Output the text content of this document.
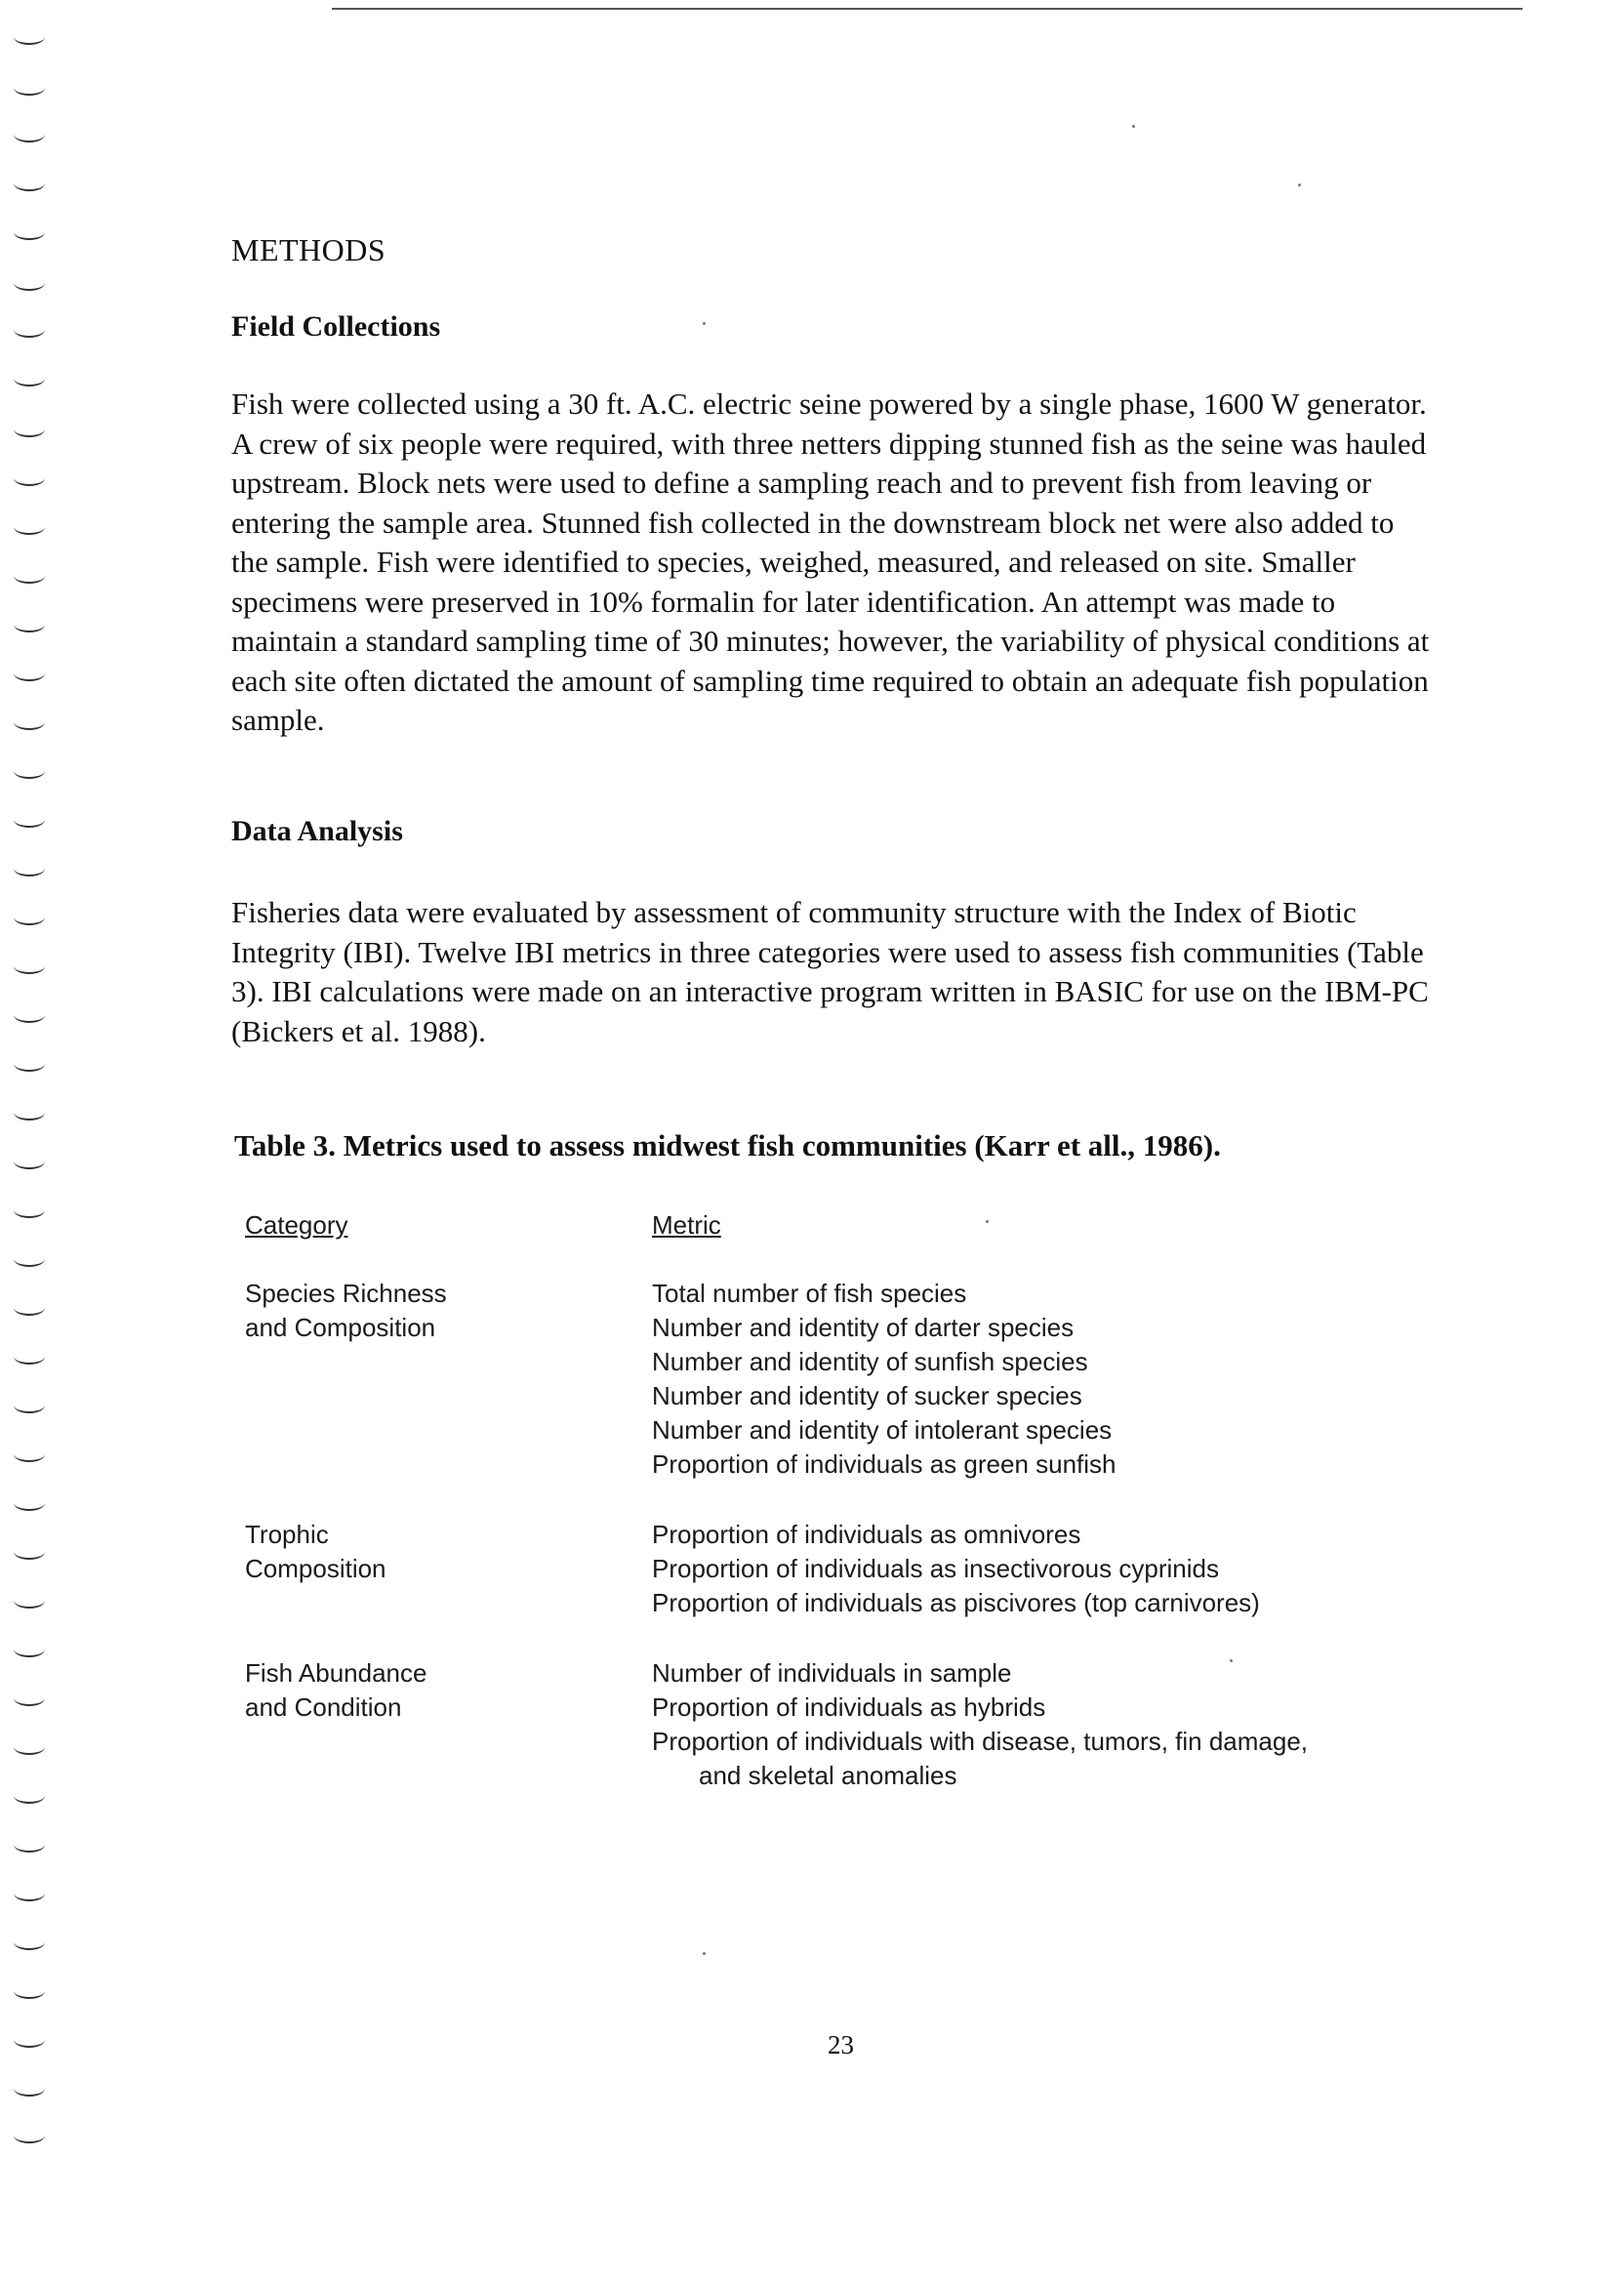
METHODS
Field Collections

Fish were collected using a 30 ft. A.C. electric seine powered by a single phase, 1600 W generator. A crew of six people were required, with three netters dipping stunned fish as the seine was hauled upstream. Block nets were used to define a sampling reach and to prevent fish from leaving or entering the sample area. Stunned fish collected in the downstream block net were also added to the sample. Fish were identified to species, weighed, measured, and released on site. Smaller specimens were preserved in 10% formalin for later identification. An attempt was made to maintain a standard sampling time of 30 minutes; however, the variability of physical conditions at each site often dictated the amount of sampling time required to obtain an adequate fish population sample.

Data Analysis

Fisheries data were evaluated by assessment of community structure with the Index of Biotic Integrity (IBI). Twelve IBI metrics in three categories were used to assess fish communities (Table 3). IBI calculations were made on an interactive program written in BASIC for use on the IBM-PC (Bickers et al. 1988).

Table 3. Metrics used to assess midwest fish communities (Karr et all., 1986).

Category	Metric
Species Richness
and Composition
Total number of fish species
Number and identity of darter species
Number and identity of sunfish species
Number and identity of sucker species
Number and identity of intolerant species
Proportion of individuals as green sunfish
Trophic
Composition
Proportion of individuals as omnivores
Proportion of individuals as insectivorous cyprinids
Proportion of individuals as piscivores (top carnivores)
Fish Abundance
and Condition
Number of individuals in sample
Proportion of individuals as hybrids
Proportion of individuals with disease, tumors, fin damage,
and skeletal anomalies
23
